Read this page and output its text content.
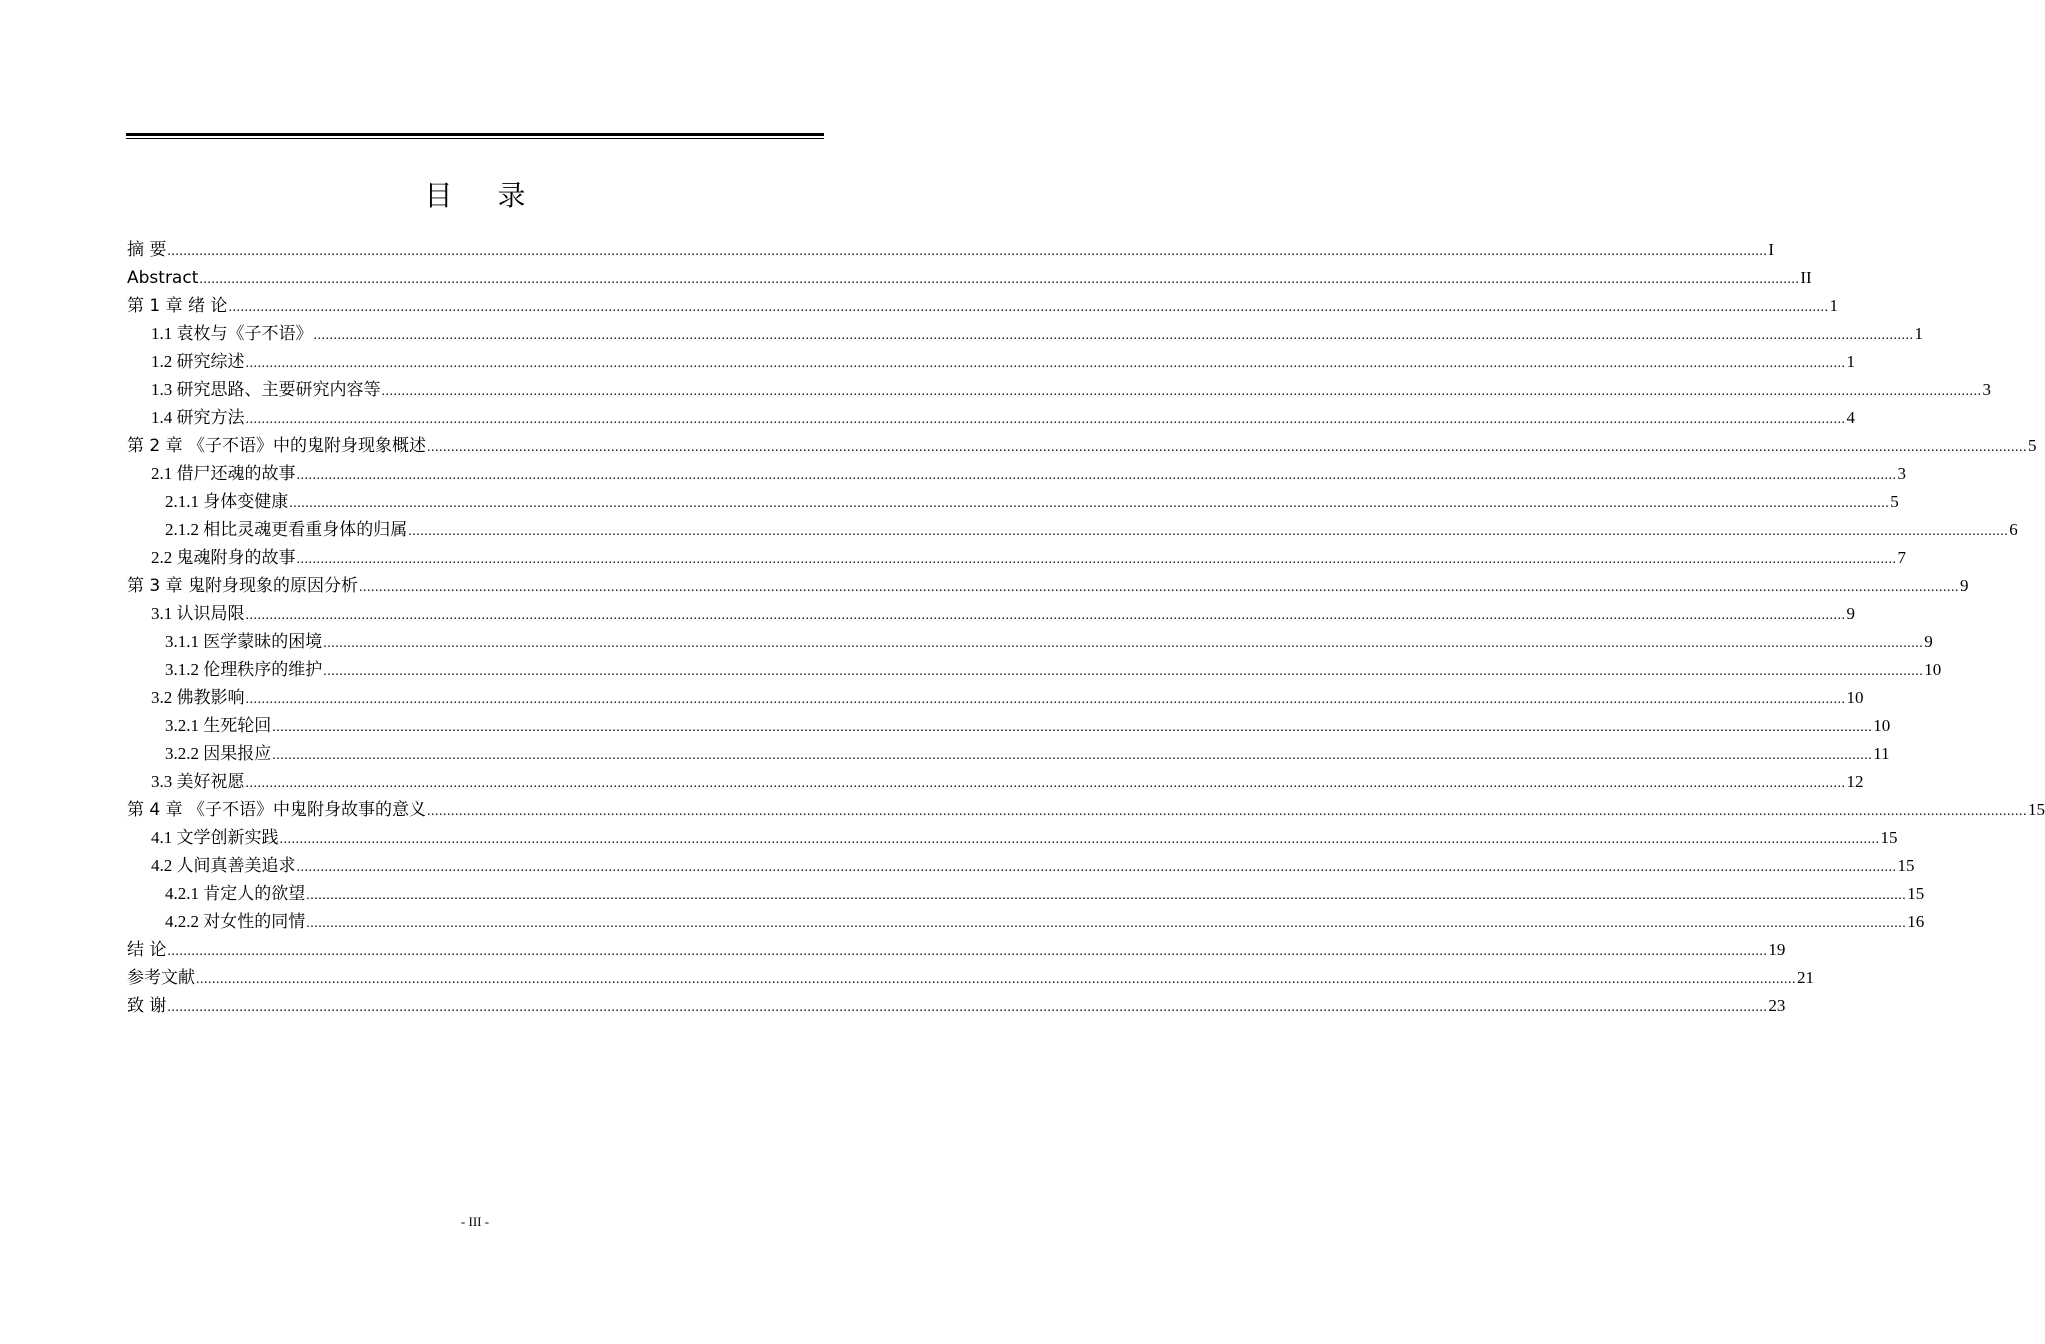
目 录
摘 要 ................................................................................................................................................................................................................................................................................................................................................................................................................ I
Abstract ................................................................................................................................................................................................................................................................................................................................................................................................................ II
第 1 章 绪 论 ................................................................................................................................................................................................................................................................................................................................................................................................................ 1
1.1 袁枚与《子不语》 ................................................................................................................................................................................................................................................................................................................................................................................................................ 1
1.2 研究综述 ................................................................................................................................................................................................................................................................................................................................................................................................................ 1
1.3 研究思路、主要研究内容等 ................................................................................................................................................................................................................................................................................................................................................................................................................ 3
1.4 研究方法 ................................................................................................................................................................................................................................................................................................................................................................................................................ 4
第 2 章 《子不语》中的鬼附身现象概述 ................................................................................................................................................................................................................................................................................................................................................................................................................ 5
2.1 借尸还魂的故事 ................................................................................................................................................................................................................................................................................................................................................................................................................ 3
2.1.1 身体变健康 ................................................................................................................................................................................................................................................................................................................................................................................................................ 5
2.1.2 相比灵魂更看重身体的归属 ................................................................................................................................................................................................................................................................................................................................................................................................................ 6
2.2 鬼魂附身的故事 ................................................................................................................................................................................................................................................................................................................................................................................................................ 7
第 3 章 鬼附身现象的原因分析 ................................................................................................................................................................................................................................................................................................................................................................................................................ 9
3.1 认识局限 ................................................................................................................................................................................................................................................................................................................................................................................................................ 9
3.1.1 医学蒙昧的困境 ................................................................................................................................................................................................................................................................................................................................................................................................................ 9
3.1.2 伦理秩序的维护 ................................................................................................................................................................................................................................................................................................................................................................................................................ 10
3.2 佛教影响 ................................................................................................................................................................................................................................................................................................................................................................................................................ 10
3.2.1 生死轮回 ................................................................................................................................................................................................................................................................................................................................................................................................................ 10
3.2.2 因果报应 ................................................................................................................................................................................................................................................................................................................................................................................................................ 11
3.3 美好祝愿 ................................................................................................................................................................................................................................................................................................................................................................................................................ 12
第 4 章 《子不语》中鬼附身故事的意义 ................................................................................................................................................................................................................................................................................................................................................................................................................ 15
4.1 文学创新实践 ................................................................................................................................................................................................................................................................................................................................................................................................................ 15
4.2 人间真善美追求 ................................................................................................................................................................................................................................................................................................................................................................................................................ 15
4.2.1 肯定人的欲望 ................................................................................................................................................................................................................................................................................................................................................................................................................ 15
4.2.2 对女性的同情 ................................................................................................................................................................................................................................................................................................................................................................................................................ 16
结 论 ................................................................................................................................................................................................................................................................................................................................................................................................................ 19
参考文献 ................................................................................................................................................................................................................................................................................................................................................................................................................ 21
致 谢 ................................................................................................................................................................................................................................................................................................................................................................................................................ 23
- III -
